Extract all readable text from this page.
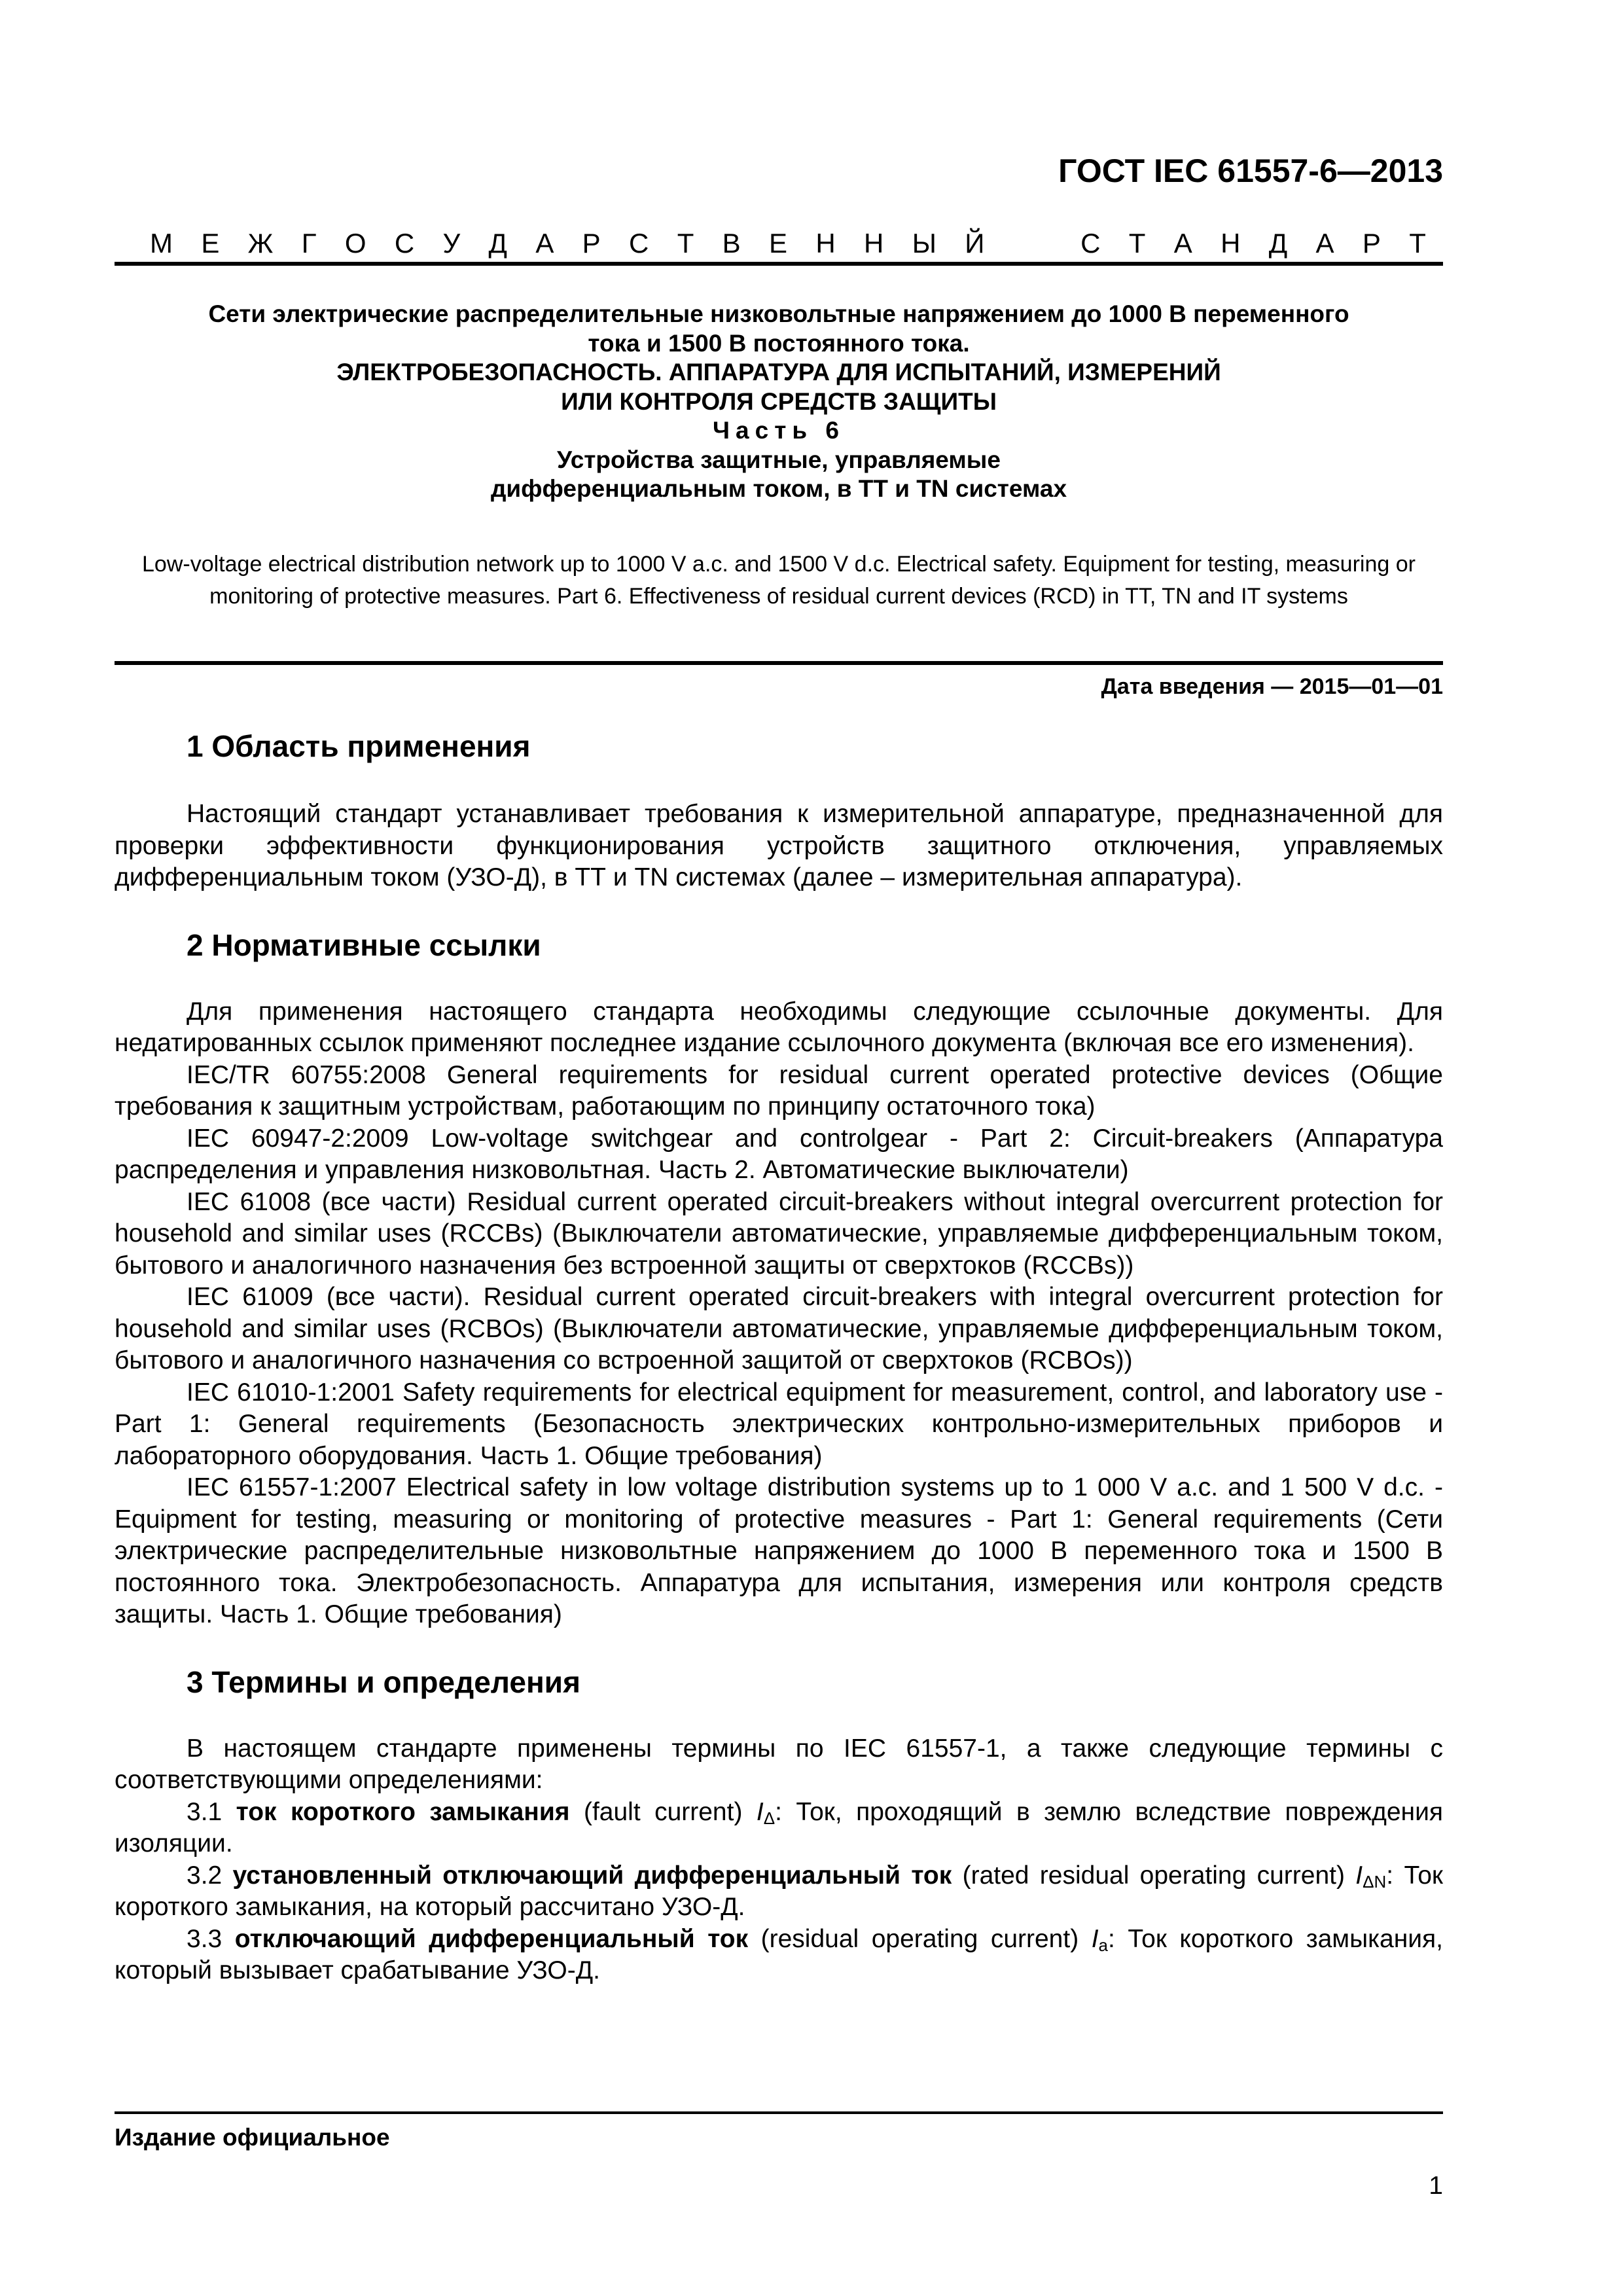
ГОСТ IEC 61557-6—2013
М Е Ж Г О С У Д А Р С Т В Е Н Н Ы Й	С Т А Н Д А Р Т
Сети электрические распределительные низковольтные напряжением до 1000 В переменного
тока и 1500 В постоянного тока.
ЭЛЕКТРОБЕЗОПАСНОСТЬ. АППАРАТУРА ДЛЯ ИСПЫТАНИЙ, ИЗМЕРЕНИЙ
ИЛИ КОНТРОЛЯ СРЕДСТВ ЗАЩИТЫ
Часть 6
Устройства защитные, управляемые
дифференциальным током, в ТТ и TN системах
Low-voltage electrical distribution network up to 1000 V a.c. and 1500 V d.c. Electrical safety. Equipment for testing, measuring or monitoring of protective measures. Part 6. Effectiveness of residual current devices (RCD) in TT, TN and IT systems
Дата введения — 2015—01—01
1 Область применения

Настоящий стандарт устанавливает требования к измерительной аппаратуре, предназначенной для проверки эффективности функционирования устройств защитного отключения, управляемых дифференциальным током (УЗО-Д), в ТТ и TN системах (далее – измерительная аппаратура).

2 Нормативные ссылки

Для применения настоящего стандарта необходимы следующие ссылочные документы. Для недатированных ссылок применяют последнее издание ссылочного документа (включая все его изменения).

IEC/TR 60755:2008 General requirements for residual current operated protective devices (Общие требования к защитным устройствам, работающим по принципу остаточного тока)

IEC 60947-2:2009 Low-voltage switchgear and controlgear - Part 2: Circuit-breakers (Аппаратура распределения и управления низковольтная. Часть 2. Автоматические выключатели)

IEC 61008 (все части) Residual current operated circuit-breakers without integral overcurrent protection for household and similar uses (RCCBs) (Выключатели автоматические, управляемые дифференциальным током, бытового и аналогичного назначения без встроенной защиты от сверхтоков (RCCBs))

IEC 61009 (все части). Residual current operated circuit-breakers with integral overcurrent protection for household and similar uses (RCBOs) (Выключатели автоматические, управляемые дифференциальным током, бытового и аналогичного назначения со встроенной защитой от сверхтоков (RCBOs))

IEC 61010-1:2001 Safety requirements for electrical equipment for measurement, control, and laboratory use - Part 1: General requirements (Безопасность электрических контрольно-измерительных приборов и лабораторного оборудования. Часть 1. Общие требования)

IEC 61557-1:2007 Electrical safety in low voltage distribution systems up to 1 000 V a.c. and 1 500 V d.c. - Equipment for testing, measuring or monitoring of protective measures - Part 1: General requirements (Сети электрические распределительные низковольтные напряжением до 1000 В переменного тока и 1500 В постоянного тока. Электробезопасность. Аппаратура для испытания, измерения или контроля средств защиты. Часть 1. Общие требования)

3 Термины и определения

В настоящем стандарте применены термины по IEC 61557-1, а также следующие термины с соответствующими определениями:

3.1 ток короткого замыкания (fault current) $I_\Delta$: Ток, проходящий в землю вследствие повреждения изоляции.

3.2 установленный отключающий дифференциальный ток (rated residual operating current) $I_{\Delta N}$: Ток короткого замыкания, на который рассчитано УЗО-Д.

3.3 отключающий дифференциальный ток (residual operating current) $I_a$: Ток короткого замыкания, который вызывает срабатывание УЗО-Д.

Издание официальное
1
